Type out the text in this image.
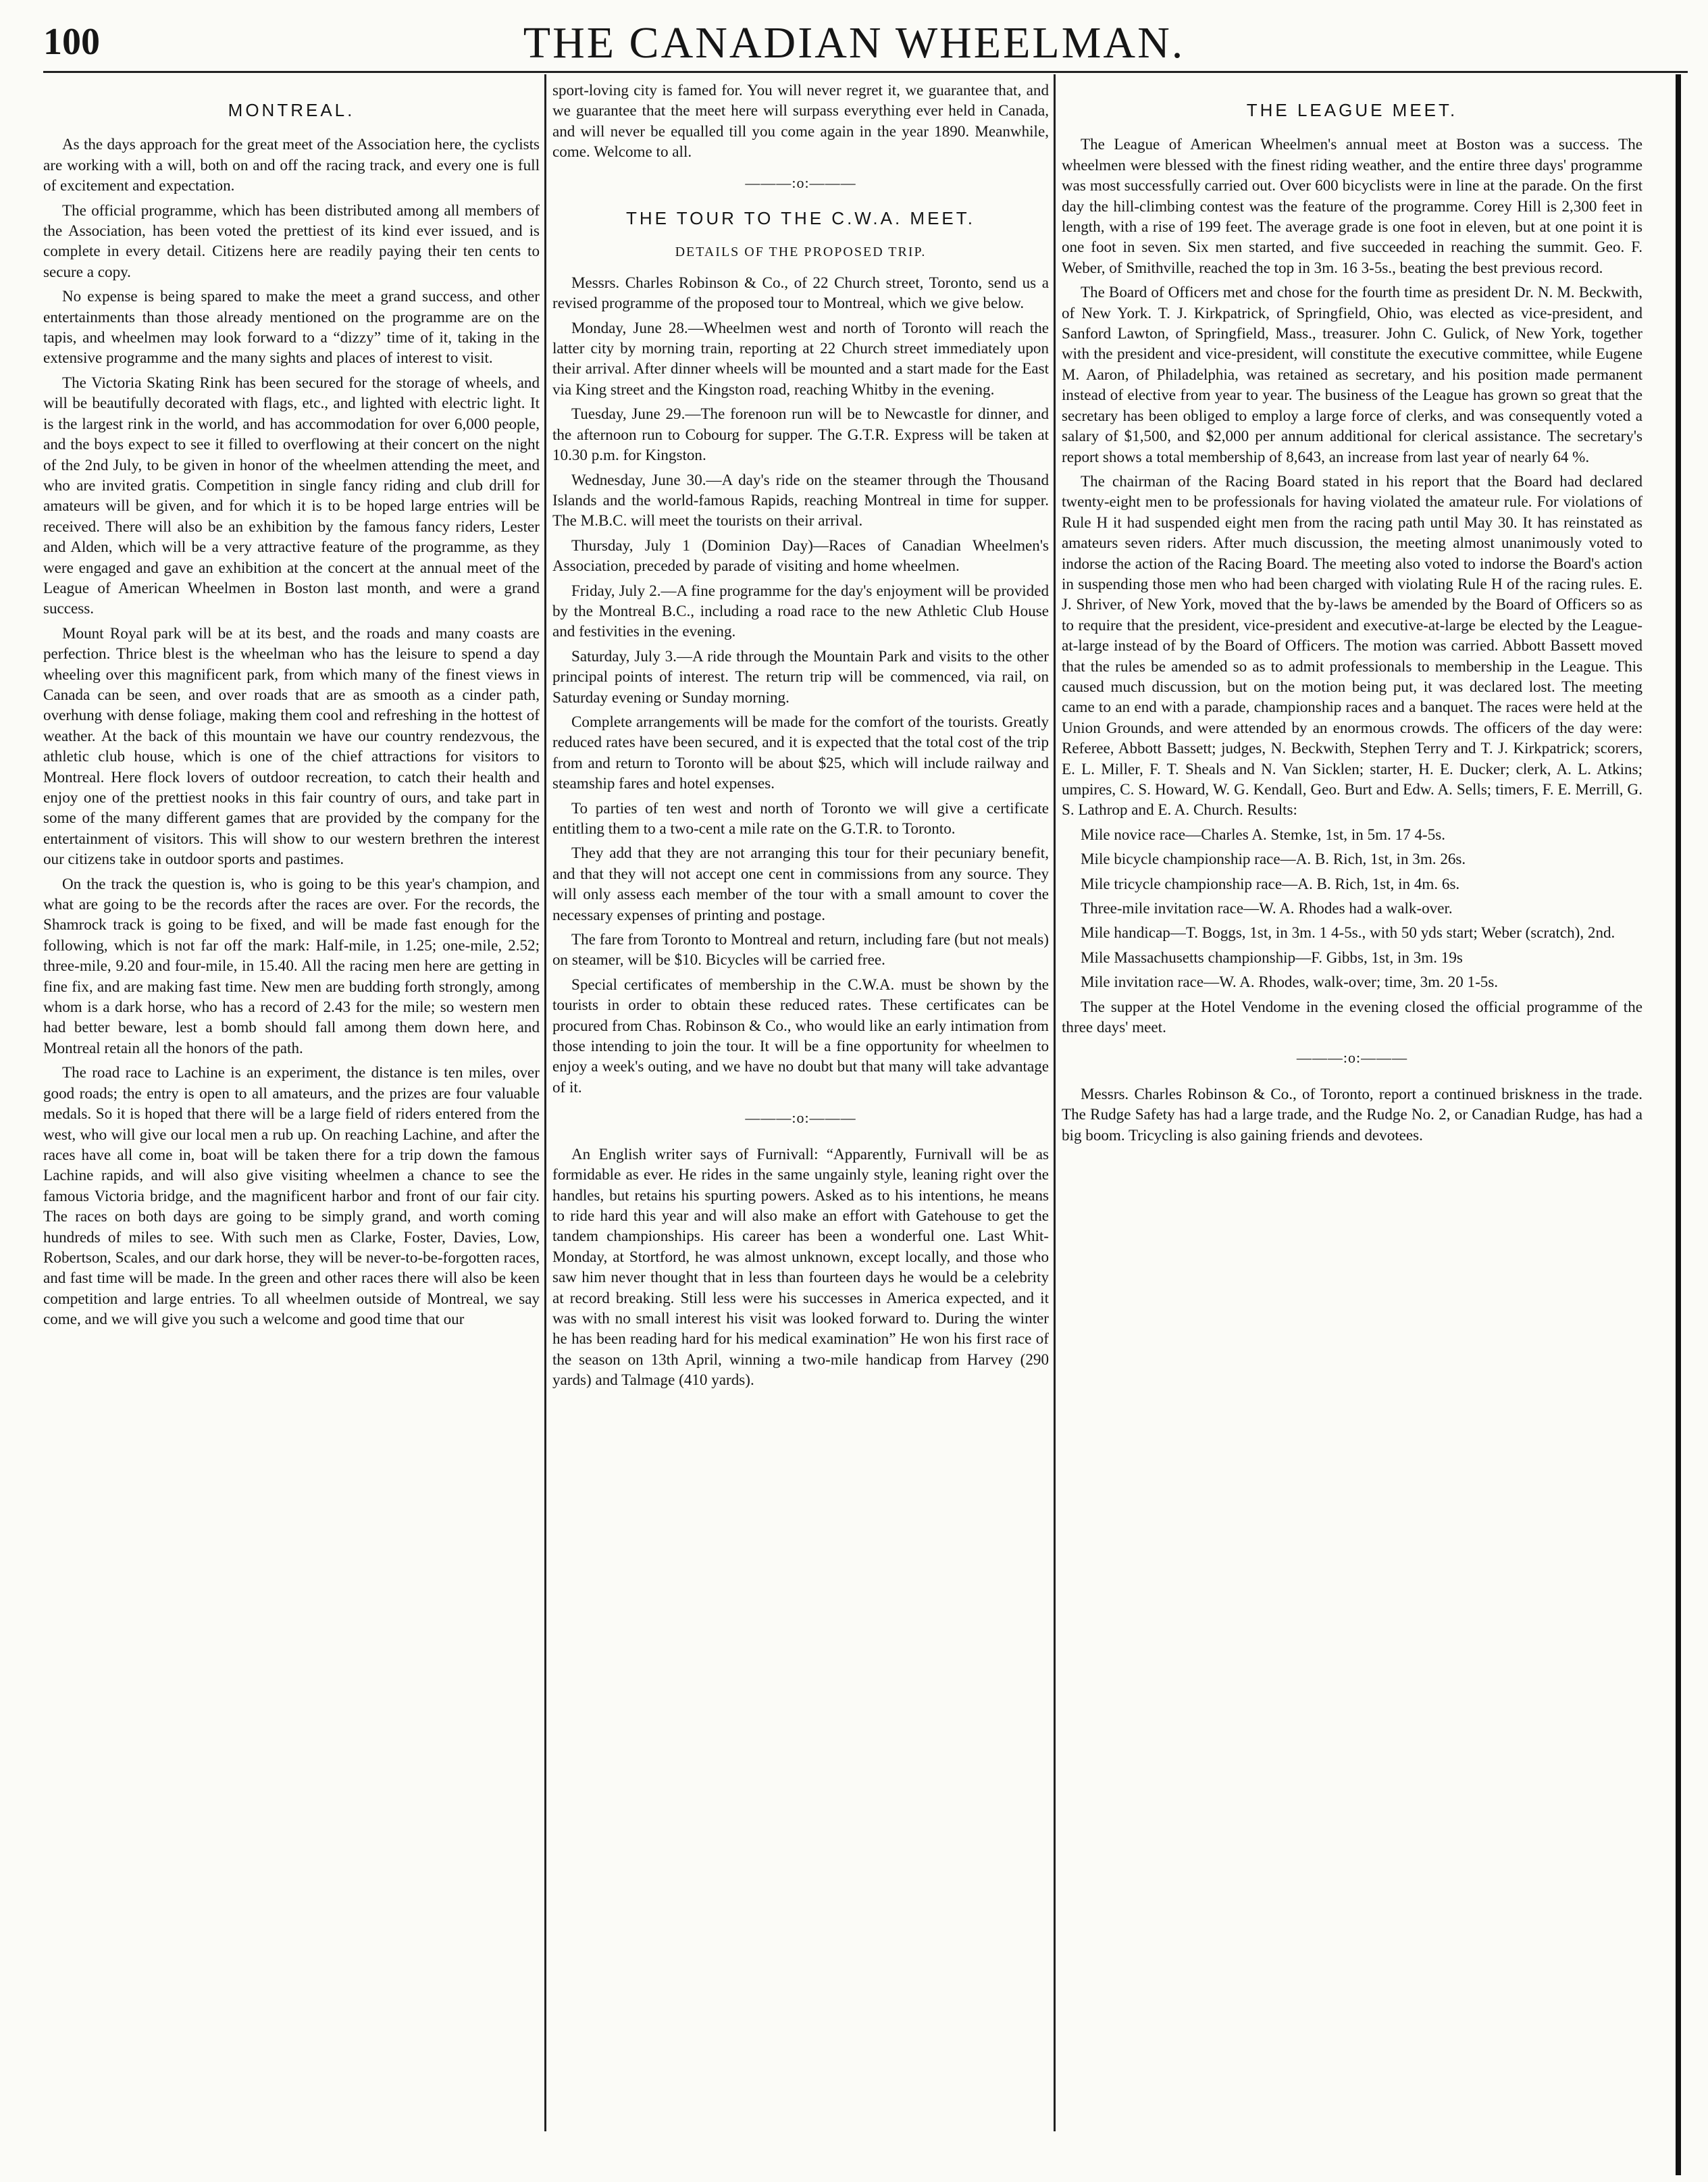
100	THE CANADIAN WHEELMAN.
MONTREAL.

As the days approach for the great meet of the Association here, the cyclists are working with a will, both on and off the racing track, and every one is full of excitement and expectation.

The official programme, which has been distributed among all members of the Association, has been voted the prettiest of its kind ever issued, and is complete in every detail. Citizens here are readily paying their ten cents to secure a copy.

No expense is being spared to make the meet a grand success, and other entertainments than those already mentioned on the programme are on the tapis, and wheelmen may look forward to a “dizzy” time of it, taking in the extensive programme and the many sights and places of interest to visit.

The Victoria Skating Rink has been secured for the storage of wheels, and will be beautifully decorated with flags, etc., and lighted with electric light. It is the largest rink in the world, and has accommodation for over 6,000 people, and the boys expect to see it filled to overflowing at their concert on the night of the 2nd July, to be given in honor of the wheelmen attending the meet, and who are invited gratis. Competition in single fancy riding and club drill for amateurs will be given, and for which it is to be hoped large entries will be received. There will also be an exhibition by the famous fancy riders, Lester and Alden, which will be a very attractive feature of the programme, as they were engaged and gave an exhibition at the concert at the annual meet of the League of American Wheelmen in Boston last month, and were a grand success.

Mount Royal park will be at its best, and the roads and many coasts are perfection. Thrice blest is the wheelman who has the leisure to spend a day wheeling over this magnificent park, from which many of the finest views in Canada can be seen, and over roads that are as smooth as a cinder path, overhung with dense foliage, making them cool and refreshing in the hottest of weather. At the back of this mountain we have our country rendezvous, the athletic club house, which is one of the chief attractions for visitors to Montreal. Here flock lovers of outdoor recreation, to catch their health and enjoy one of the prettiest nooks in this fair country of ours, and take part in some of the many different games that are provided by the company for the entertainment of visitors. This will show to our western brethren the interest our citizens take in outdoor sports and pastimes.

On the track the question is, who is going to be this year's champion, and what are going to be the records after the races are over. For the records, the Shamrock track is going to be fixed, and will be made fast enough for the following, which is not far off the mark: Half-mile, in 1.25; one-mile, 2.52; three-mile, 9.20 and four-mile, in 15.40. All the racing men here are getting in fine fix, and are making fast time. New men are budding forth strongly, among whom is a dark horse, who has a record of 2.43 for the mile; so western men had better beware, lest a bomb should fall among them down here, and Montreal retain all the honors of the path.

The road race to Lachine is an experiment, the distance is ten miles, over good roads; the entry is open to all amateurs, and the prizes are four valuable medals. So it is hoped that there will be a large field of riders entered from the west, who will give our local men a rub up. On reaching Lachine, and after the races have all come in, boat will be taken there for a trip down the famous Lachine rapids, and will also give visiting wheelmen a chance to see the famous Victoria bridge, and the magnificent harbor and front of our fair city. The races on both days are going to be simply grand, and worth coming hundreds of miles to see. With such men as Clarke, Foster, Davies, Low, Robertson, Scales, and our dark horse, they will be never-to-be-forgotten races, and fast time will be made. In the green and other races there will also be keen competition and large entries. To all wheelmen outside of Montreal, we say come, and we will give you such a welcome and good time that our

sport-loving city is famed for. You will never regret it, we guarantee that, and we guarantee that the meet here will surpass everything ever held in Canada, and will never be equalled till you come again in the year 1890. Meanwhile, come. Welcome to all.

———:o:———
THE TOUR TO THE C.W.A. MEET.
DETAILS OF THE PROPOSED TRIP.

Messrs. Charles Robinson & Co., of 22 Church street, Toronto, send us a revised programme of the proposed tour to Montreal, which we give below.

Monday, June 28.—Wheelmen west and north of Toronto will reach the latter city by morning train, reporting at 22 Church street immediately upon their arrival. After dinner wheels will be mounted and a start made for the East via King street and the Kingston road, reaching Whitby in the evening.

Tuesday, June 29.—The forenoon run will be to Newcastle for dinner, and the afternoon run to Cobourg for supper. The G.T.R. Express will be taken at 10.30 p.m. for Kingston.

Wednesday, June 30.—A day's ride on the steamer through the Thousand Islands and the world-famous Rapids, reaching Montreal in time for supper. The M.B.C. will meet the tourists on their arrival.

Thursday, July 1 (Dominion Day)—Races of Canadian Wheelmen's Association, preceded by parade of visiting and home wheelmen.

Friday, July 2.—A fine programme for the day's enjoyment will be provided by the Montreal B.C., including a road race to the new Athletic Club House and festivities in the evening.

Saturday, July 3.—A ride through the Mountain Park and visits to the other principal points of interest. The return trip will be commenced, via rail, on Saturday evening or Sunday morning.

Complete arrangements will be made for the comfort of the tourists. Greatly reduced rates have been secured, and it is expected that the total cost of the trip from and return to Toronto will be about $25, which will include railway and steamship fares and hotel expenses.

To parties of ten west and north of Toronto we will give a certificate entitling them to a two-cent a mile rate on the G.T.R. to Toronto.

They add that they are not arranging this tour for their pecuniary benefit, and that they will not accept one cent in commissions from any source. They will only assess each member of the tour with a small amount to cover the necessary expenses of printing and postage.

The fare from Toronto to Montreal and return, including fare (but not meals) on steamer, will be $10. Bicycles will be carried free.

Special certificates of membership in the C.W.A. must be shown by the tourists in order to obtain these reduced rates. These certificates can be procured from Chas. Robinson & Co., who would like an early intimation from those intending to join the tour. It will be a fine opportunity for wheelmen to enjoy a week's outing, and we have no doubt but that many will take advantage of it.

———:o:———

An English writer says of Furnivall: “Apparently, Furnivall will be as formidable as ever. He rides in the same ungainly style, leaning right over the handles, but retains his spurting powers. Asked as to his intentions, he means to ride hard this year and will also make an effort with Gatehouse to get the tandem championships. His career has been a wonderful one. Last Whit-Monday, at Stortford, he was almost unknown, except locally, and those who saw him never thought that in less than fourteen days he would be a celebrity at record breaking. Still less were his successes in America expected, and it was with no small interest his visit was looked forward to. During the winter he has been reading hard for his medical examination” He won his first race of the season on 13th April, winning a two-mile handicap from Harvey (290 yards) and Talmage (410 yards).

THE LEAGUE MEET.

The League of American Wheelmen's annual meet at Boston was a success. The wheelmen were blessed with the finest riding weather, and the entire three days' programme was most successfully carried out. Over 600 bicyclists were in line at the parade. On the first day the hill-climbing contest was the feature of the programme. Corey Hill is 2,300 feet in length, with a rise of 199 feet. The average grade is one foot in eleven, but at one point it is one foot in seven. Six men started, and five succeeded in reaching the summit. Geo. F. Weber, of Smithville, reached the top in 3m. 16 3-5s., beating the best previous record.

The Board of Officers met and chose for the fourth time as president Dr. N. M. Beckwith, of New York. T. J. Kirkpatrick, of Springfield, Ohio, was elected as vice-president, and Sanford Lawton, of Springfield, Mass., treasurer. John C. Gulick, of New York, together with the president and vice-president, will constitute the executive committee, while Eugene M. Aaron, of Philadelphia, was retained as secretary, and his position made permanent instead of elective from year to year. The business of the League has grown so great that the secretary has been obliged to employ a large force of clerks, and was consequently voted a salary of $1,500, and $2,000 per annum additional for clerical assistance. The secretary's report shows a total membership of 8,643, an increase from last year of nearly 64 %.

The chairman of the Racing Board stated in his report that the Board had declared twenty-eight men to be professionals for having violated the amateur rule. For violations of Rule H it had suspended eight men from the racing path until May 30. It has reinstated as amateurs seven riders. After much discussion, the meeting almost unanimously voted to indorse the action of the Racing Board. The meeting also voted to indorse the Board's action in suspending those men who had been charged with violating Rule H of the racing rules. E. J. Shriver, of New York, moved that the by-laws be amended by the Board of Officers so as to require that the president, vice-president and executive-at-large be elected by the League-at-large instead of by the Board of Officers. The motion was carried. Abbott Bassett moved that the rules be amended so as to admit professionals to membership in the League. This caused much discussion, but on the motion being put, it was declared lost. The meeting came to an end with a parade, championship races and a banquet. The races were held at the Union Grounds, and were attended by an enormous crowds. The officers of the day were: Referee, Abbott Bassett; judges, N. Beckwith, Stephen Terry and T. J. Kirkpatrick; scorers, E. L. Miller, F. T. Sheals and N. Van Sicklen; starter, H. E. Ducker; clerk, A. L. Atkins; umpires, C. S. Howard, W. G. Kendall, Geo. Burt and Edw. A. Sells; timers, F. E. Merrill, G. S. Lathrop and E. A. Church. Results:

Mile novice race—Charles A. Stemke, 1st, in 5m. 17 4-5s.

Mile bicycle championship race—A. B. Rich, 1st, in 3m. 26s.

Mile tricycle championship race—A. B. Rich, 1st, in 4m. 6s.

Three-mile invitation race—W. A. Rhodes had a walk-over.

Mile handicap—T. Boggs, 1st, in 3m. 1 4-5s., with 50 yds start; Weber (scratch), 2nd.

Mile Massachusetts championship—F. Gibbs, 1st, in 3m. 19s

Mile invitation race—W. A. Rhodes, walk-over; time, 3m. 20 1-5s.

The supper at the Hotel Vendome in the evening closed the official programme of the three days' meet.

———:o:———

Messrs. Charles Robinson & Co., of Toronto, report a continued briskness in the trade. The Rudge Safety has had a large trade, and the Rudge No. 2, or Canadian Rudge, has had a big boom. Tricycling is also gaining friends and devotees.
